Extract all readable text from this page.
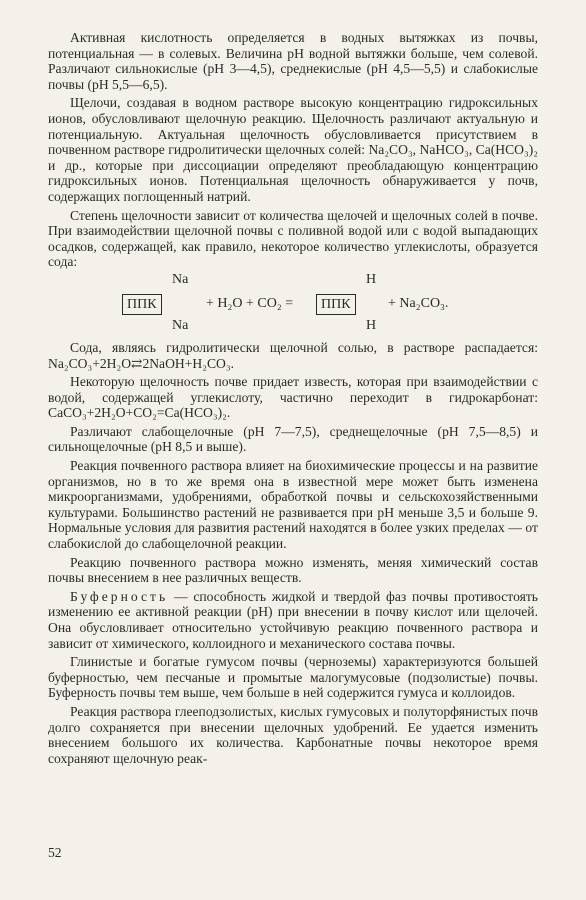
Активная кислотность определяется в водных вытяжках из почвы, потенциальная — в солевых. Величина pH водной вытяжки больше, чем солевой. Различают сильнокислые (pH 3—4,5), среднекислые (pH 4,5—5,5) и слабокислые почвы (pH 5,5—6,5).

Щелочи, создавая в водном растворе высокую концентрацию гидроксильных ионов, обусловливают щелочную реакцию. Щелочность различают актуальную и потенциальную. Актуальная щелочность обусловливается присутствием в почвенном растворе гидролитически щелочных солей: Na₂CO₃, NaHCO₃, Ca(HCO₃)₂ и др., которые при диссоциации определяют преобладающую концентрацию гидроксильных ионов. Потенциальная щелочность обнаруживается у почв, содержащих поглощенный натрий.

Степень щелочности зависит от количества щелочей и щелочных солей в почве. При взаимодействии щелочной почвы с поливной водой или с водой выпадающих осадков, содержащей, как правило, некоторое количество углекислоты, образуется сода:

Na
ППК
Na
+ H₂O + CO₂ =
H
ППК
H
+ Na₂CO₃.

Сода, являясь гидролитически щелочной солью, в растворе распадается: Na₂CO₃+2H₂O⇄2NaOH+H₂CO₃.

Некоторую щелочность почве придает известь, которая при взаимодействии с водой, содержащей углекислоту, частично переходит в гидрокарбонат: CaCO₃+2H₂O+CO₂=Ca(HCO₃)₂.

Различают слабощелочные (pH 7—7,5), среднещелочные (pH 7,5—8,5) и сильнощелочные (pH 8,5 и выше).

Реакция почвенного раствора влияет на биохимические процессы и на развитие организмов, но в то же время она в известной мере может быть изменена микроорганизмами, удобрениями, обработкой почвы и сельскохозяйственными культурами. Большинство растений не развивается при pH меньше 3,5 и больше 9. Нормальные условия для развития растений находятся в более узких пределах — от слабокислой до слабощелочной реакции.

Реакцию почвенного раствора можно изменять, меняя химический состав почвы внесением в нее различных веществ.

Буферность — способность жидкой и твердой фаз почвы противостоять изменению ее активной реакции (pH) при внесении в почву кислот или щелочей. Она обусловливает относительно устойчивую реакцию почвенного раствора и зависит от химического, коллоидного и механического состава почвы.

Глинистые и богатые гумусом почвы (черноземы) характеризуются большей буферностью, чем песчаные и промытые малогумусовые (подзолистые) почвы. Буферность почвы тем выше, чем больше в ней содержится гумуса и коллоидов.

Реакция раствора глееподзолистых, кислых гумусовых и полуторфянистых почв долго сохраняется при внесении щелочных удобрений. Ее удается изменить внесением большого их количества. Карбонатные почвы некоторое время сохраняют щелочную реак-

52
